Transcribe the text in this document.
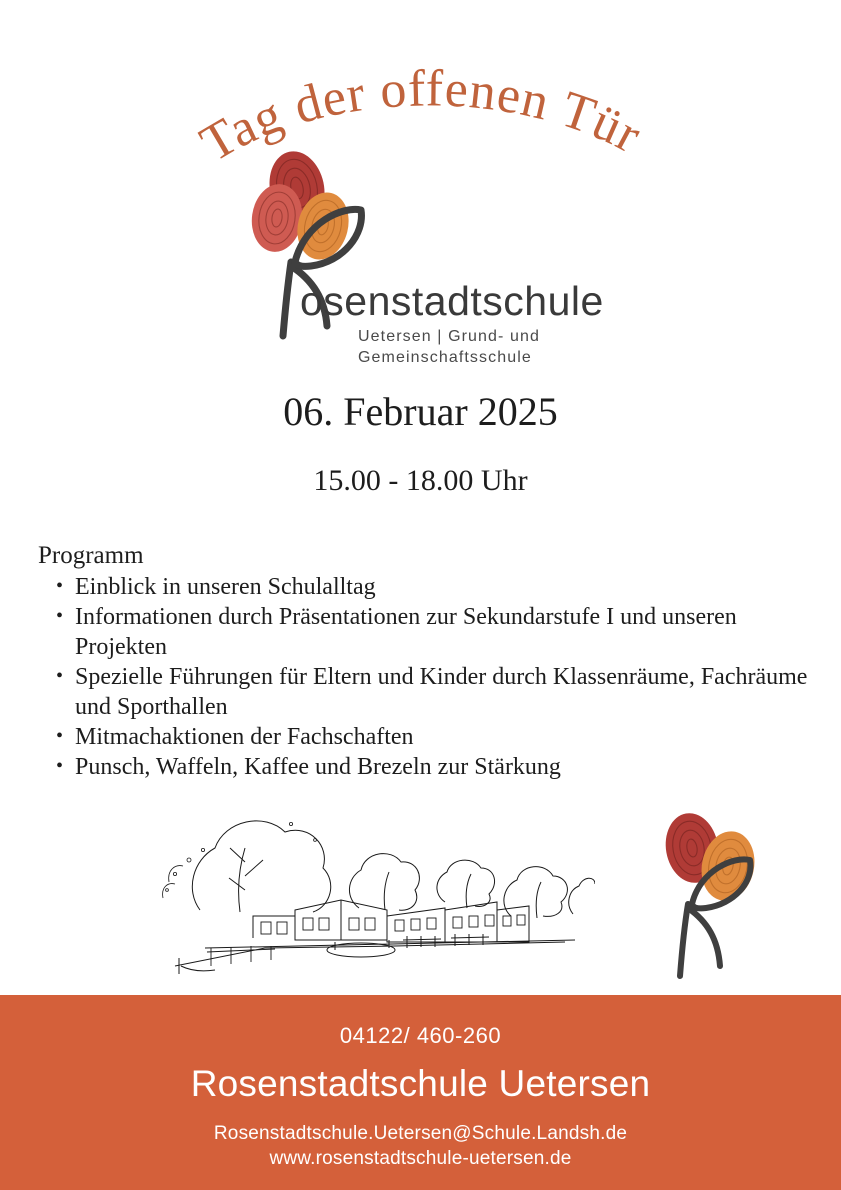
Tag der offenen Tür
osenstadtschule
Uetersen | Grund- und
Gemeinschaftsschule
06. Februar 2025
15.00 - 18.00 Uhr
Programm
• Einblick in unseren Schulalltag
• Informationen durch Präsentationen zur Sekundarstufe I und unseren Projekten
• Spezielle Führungen für Eltern und Kinder durch Klassenräume, Fachräume und Sporthallen
• Mitmachaktionen der Fachschaften
• Punsch, Waffeln, Kaffee und Brezeln zur Stärkung
04122/ 460-260
Rosenstadtschule Uetersen
Rosenstadtschule.Uetersen@Schule.Landsh.de
www.rosenstadtschule-uetersen.de
